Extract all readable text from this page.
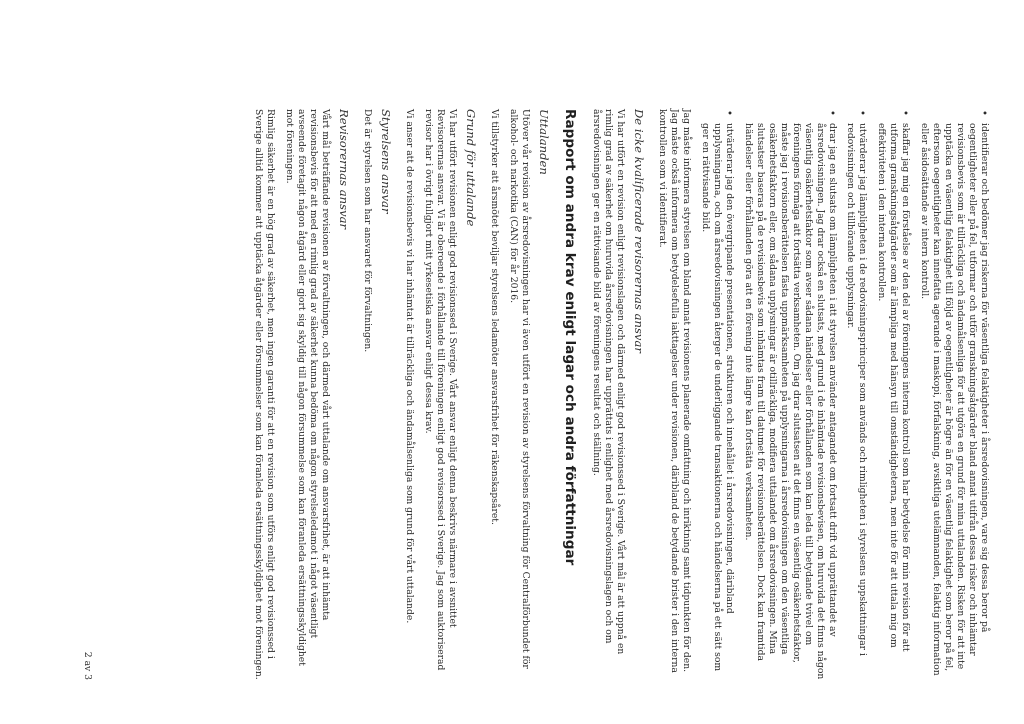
• identifierar och bedömer jag riskerna för väsentliga felaktigheter i årsredovisningen, vare sig dessa beror på oegentligheter eller på fel, utformar och utför granskningsåtgärder bland annat utifrån dessa risker och inhämtar revisionsbevis som är tillräckliga och ändamålsenliga för att utgöra en grund för mina uttalanden. Risken för att inte upptäcka en väsentlig felaktighet till följd av oegentligheter är högre än för en väsentlig felaktighet som beror på fel, eftersom oegentligheter kan innefatta agerande i maskopi, förfalskning, avsiktliga utelämnanden, felaktig information eller åsidosättande av intern kontroll.
• skaffar jag mig en förståelse av den del av föreningens interna kontroll som har betydelse för min revision för att utforma granskningsåtgärder som är lämpliga med hänsyn till omständigheterna, men inte för att uttala mig om effektiviteten i den interna kontrollen.
• utvärderar jag lämpligheten i de redovisningsprinciper som används och rimligheten i styrelsens uppskattningar i redovisningen och tillhörande upplysningar.
• drar jag en slutsats om lämpligheten i att styrelsen använder antagandet om fortsatt drift vid upprättandet av årsredovisningen. Jag drar också en slutsats, med grund i de inhämtade revisionsbevisen, om huruvida det finns någon väsentlig osäkerhetsfaktor som avser sådana händelser eller förhållanden som kan leda till betydande tvivel om föreningens förmåga att fortsätta verksamheten. Om jag drar slutsatsen att det finns en väsentlig osäkerhetsfaktor, måste jag i revisionsberättelsen fästa uppmärksamheten på upplysningarna i årsredovisningen om den väsentliga osäkerhetsfaktorn eller, om sådana upplysningar är otillräckliga, modifiera uttalandet om årsredovisningen. Mina slutsatser baseras på de revisionsbevis som inhämtas fram till datumet för revisionsberättelsen. Dock kan framtida händelser eller förhållanden göra att en förening inte längre kan fortsätta verksamheten.
• utvärderar jag den övergripande presentationen, strukturen och innehållet i årsredovisningen, däribland upplysningarna, och om årsredovisningen återger de underliggande transaktionerna och händelserna på ett sätt som ger en rättvisande bild.

Jag måste informera styrelsen om bland annat revisionens planerade omfattning och inriktning samt tidpunkten för den. Jag måste också informera om betydelsefulla iakttagelser under revisionen, däribland de betydande brister i den interna kontrollen som vi identifierat.

De icke kvalificerade revisorernas ansvar

Vi har utfört en revision enligt revisionslagen och därmed enligt god revisionssed i Sverige. Vårt mål är att uppnå en rimlig grad av säkerhet om huruvida årsredovisningen har upprättats i enlighet med årsredovisningslagen och om årsredovisningen ger en rättvisande bild av föreningens resultat och ställning.

Rapport om andra krav enligt lagar och andra författningar
Uttalanden

Utöver vår revision av årsredovisningen har vi även utfört en revision av styrelsens förvaltning för Centralförbundet för alkohol- och narkotika (CAN) för år 2016.

Vi tillstyrker att årsmötet beviljar styrelsens ledamöter ansvarsfrihet för räkenskapsåret.

Grund för uttalande

Vi har utfört revisionen enligt god revisionssed i Sverige. Vårt ansvar enligt denna beskrivs närmare i avsnittet Revisorernas ansvar. Vi är oberoende i förhållande till föreningen enligt god revisorssed i Sverige. Jag som auktoriserad revisor har i övrigt fullgjort mitt yrkesetiska ansvar enligt dessa krav.

Vi anser att de revisionsbevis vi har inhämtat är tillräckliga och ändamålsenliga som grund för vårt uttalande.

Styrelsens ansvar

Det är styrelsen som har ansvaret för förvaltningen.

Revisorernas ansvar

Vårt mål beträffande revisionen av förvaltningen, och därmed vårt uttalande om ansvarsfrihet, är att inhämta revisionsbevis för att med en rimlig grad av säkerhet kunna bedöma om någon styrelseledamot i något väsentligt avseende företagit någon åtgärd eller gjort sig skyldig till någon försummelse som kan föranleda ersättningsskyldighet mot föreningen.

Rimlig säkerhet är en hög grad av säkerhet, men ingen garanti för att en revision som utförs enligt god revisionssed i Sverige alltid kommer att upptäcka åtgärder eller försummelser som kan föranleda ersättningsskyldighet mot föreningen.

2 av 3
